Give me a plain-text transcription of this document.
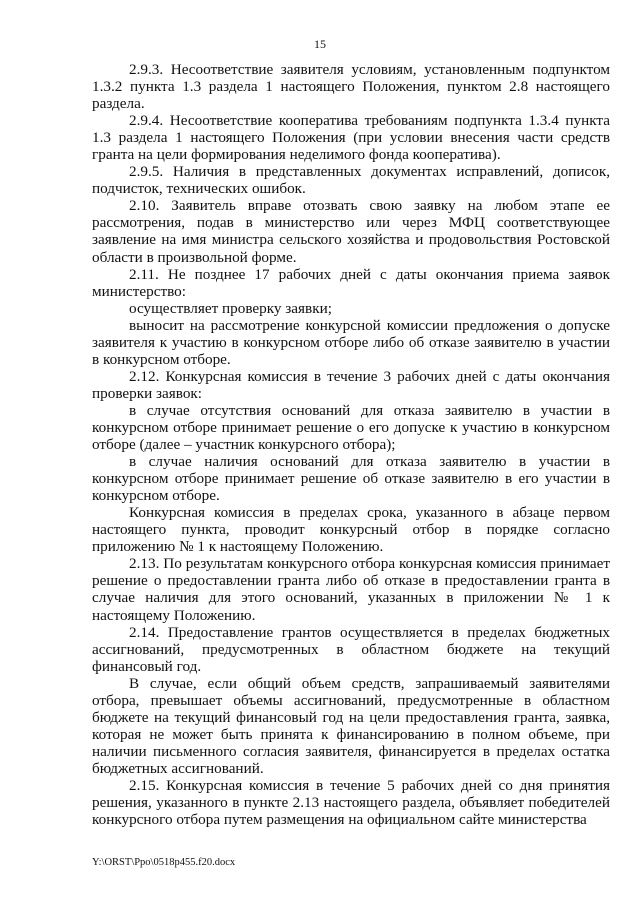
15

2.9.3. Несоответствие заявителя условиям, установленным подпунктом 1.3.2 пункта 1.3 раздела 1 настоящего Положения, пунктом 2.8 настоящего раздела.

2.9.4. Несоответствие кооператива требованиям подпункта 1.3.4 пункта 1.3 раздела 1 настоящего Положения (при условии внесения части средств гранта на цели формирования неделимого фонда кооператива).

2.9.5. Наличия в представленных документах исправлений, дописок, подчисток, технических ошибок.

2.10. Заявитель вправе отозвать свою заявку на любом этапе ее рассмотрения, подав в министерство или через МФЦ соответствующее заявление на имя министра сельского хозяйства и продовольствия Ростовской области в произвольной форме.

2.11. Не позднее 17 рабочих дней с даты окончания приема заявок министерство:

осуществляет проверку заявки;

выносит на рассмотрение конкурсной комиссии предложения о допуске заявителя к участию в конкурсном отборе либо об отказе заявителю в участии в конкурсном отборе.

2.12. Конкурсная комиссия в течение 3 рабочих дней с даты окончания проверки заявок:

в случае отсутствия оснований для отказа заявителю в участии в конкурсном отборе принимает решение о его допуске к участию в конкурсном отборе (далее – участник конкурсного отбора);

в случае наличия оснований для отказа заявителю в участии в конкурсном отборе принимает решение об отказе заявителю в его участии в конкурсном отборе.

Конкурсная комиссия в пределах срока, указанного в абзаце первом настоящего пункта, проводит конкурсный отбор в порядке согласно приложению № 1 к настоящему Положению.

2.13. По результатам конкурсного отбора конкурсная комиссия принимает решение о предоставлении гранта либо об отказе в предоставлении гранта в случае наличия для этого оснований, указанных в приложении № 1 к настоящему Положению.

2.14. Предоставление грантов осуществляется в пределах бюджетных ассигнований, предусмотренных в областном бюджете на текущий финансовый год.

В случае, если общий объем средств, запрашиваемый заявителями отбора, превышает объемы ассигнований, предусмотренные в областном бюджете на текущий финансовый год на цели предоставления гранта, заявка, которая не может быть принята к финансированию в полном объеме, при наличии письменного согласия заявителя, финансируется в пределах остатка бюджетных ассигнований.

2.15. Конкурсная комиссия в течение 5 рабочих дней со дня принятия решения, указанного в пункте 2.13 настоящего раздела, объявляет победителей конкурсного отбора путем размещения на официальном сайте министерства

Y:\ORST\Ppo\0518p455.f20.docx
